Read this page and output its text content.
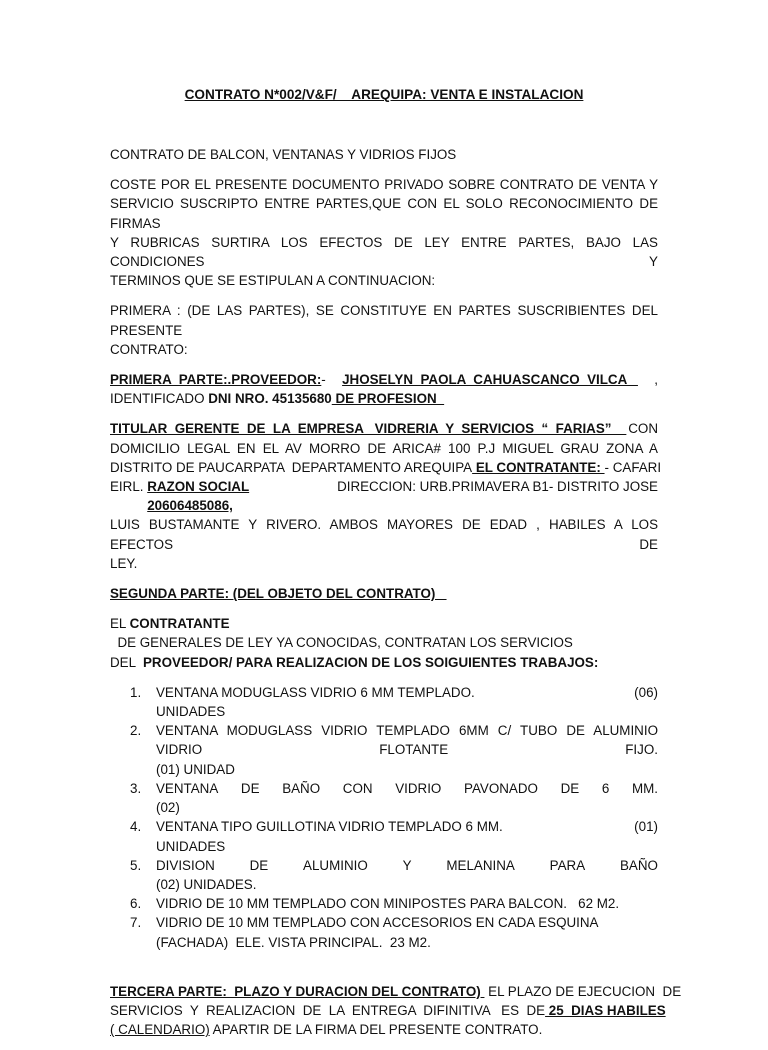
CONTRATO N*002/V&F/    AREQUIPA: VENTA E INSTALACION

CONTRATO DE BALCON, VENTANAS Y VIDRIOS FIJOS

COSTE POR EL PRESENTE DOCUMENTO PRIVADO SOBRE CONTRATO DE VENTA Y
SERVICIO SUSCRIPTO ENTRE PARTES,QUE CON EL SOLO RECONOCIMIENTO DE FIRMAS
Y RUBRICAS SURTIRA LOS EFECTOS DE LEY ENTRE PARTES, BAJO LAS CONDICIONES Y
TERMINOS QUE SE ESTIPULAN A CONTINUACION:

PRIMERA : (DE LAS PARTES), SE CONSTITUYE EN PARTES SUSCRIBIENTES DEL PRESENTE
CONTRATO:

PRIMERA  PARTE:.PROVEEDOR:- JHOSELYN  PAOLA  CAHUASCANCO  VILCA ,
IDENTIFICADO DNI NRO. 45135680 DE PROFESION

TITULAR  GERENTE  DE  LA  EMPRESA   VIDRERIA  Y  SERVICIOS  “  FARIAS” CON
DOMICILIO LEGAL EN EL AV MORRO DE ARICA# 100 P.J MIGUEL GRAU ZONA A
DISTRITO DE PAUCARPATA  DEPARTAMENTO AREQUIPA EL CONTRATANTE: - CAFARI
EIRL. RAZON SOCIAL 20606485086,
DIRECCION: URB.PRIMAVERA B1- DISTRITO JOSE
LUIS BUSTAMANTE Y RIVERO. AMBOS MAYORES DE EDAD , HABILES A LOS EFECTOS DE
LEY.

SEGUNDA PARTE: (DEL OBJETO DEL CONTRATO)

EL CONTRATANTE  DE GENERALES DE LEY YA CONOCIDAS, CONTRATAN LOS SERVICIOS
DEL  PROVEEDOR/ PARA REALIZACION DE LOS SOIGUIENTES TRABAJOS:

1. VENTANA MODUGLASS VIDRIO 6 MM TEMPLADO.	(06)
UNIDADES
2. VENTANA MODUGLASS VIDRIO TEMPLADO 6MM C/ TUBO DE ALUMINIO
VIDRIO	FLOTANTE	FIJO.
(01) UNIDAD
3. VENTANA DE BAÑO CON VIDRIO PAVONADO DE 6 MM.
(02)
4. VENTANA TIPO GUILLOTINA VIDRIO TEMPLADO 6 MM.	(01)
UNIDADES
5. DIVISION	DE	ALUMINIO	Y	MELANINA	PARA	BAÑO
(02) UNIDADES.
6. VIDRIO DE 10 MM TEMPLADO CON MINIPOSTES PARA BALCON.   62 M2.
7. VIDRIO DE 10 MM TEMPLADO CON ACCESORIOS EN CADA ESQUINA
(FACHADA)  ELE. VISTA PRINCIPAL.  23 M2.

TERCERA PARTE:  PLAZO Y DURACION DEL CONTRATO) EL PLAZO DE EJECUCION  DE
SERVICIOS  Y  REALIZACION  DE  LA  ENTREGA  DIFINITIVA   ES  DE 25  DIAS HABILES
( CALENDARIO) APARTIR DE LA FIRMA DEL PRESENTE CONTRATO.
